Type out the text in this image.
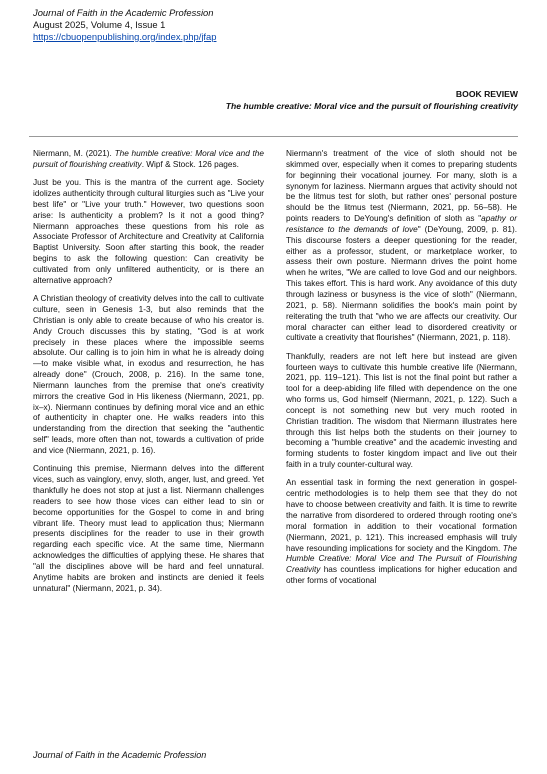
Journal of Faith in the Academic Profession
August 2025, Volume 4, Issue 1
https://cbuopenpublishing.org/index.php/jfap
BOOK REVIEW
The humble creative: Moral vice and the pursuit of flourishing creativity

Niermann, M. (2021). The humble creative: Moral vice and the pursuit of flourishing creativity. Wipf & Stock. 126 pages.

Just be you. This is the mantra of the current age. Society idolizes authenticity through cultural liturgies such as "Live your best life" or "Live your truth." However, two questions soon arise: Is authenticity a problem? Is it not a good thing? Niermann approaches these questions from his role as Associate Professor of Architecture and Creativity at California Baptist University. Soon after starting this book, the reader begins to ask the following question: Can creativity be cultivated from only unfiltered authenticity, or is there an alternative approach?

A Christian theology of creativity delves into the call to cultivate culture, seen in Genesis 1-3, but also reminds that the Christian is only able to create because of who his creator is. Andy Crouch discusses this by stating, "God is at work precisely in these places where the impossible seems absolute. Our calling is to join him in what he is already doing—to make visible what, in exodus and resurrection, he has already done" (Crouch, 2008, p. 216). In the same tone, Niermann launches from the premise that one's creativity mirrors the creative God in His likeness (Niermann, 2021, pp. ix–x). Niermann continues by defining moral vice and an ethic of authenticity in chapter one. He walks readers into this understanding from the direction that seeking the "authentic self" leads, more often than not, towards a cultivation of pride and vice (Niermann, 2021, p. 16).

Continuing this premise, Niermann delves into the different vices, such as vainglory, envy, sloth, anger, lust, and greed. Yet thankfully he does not stop at just a list. Niermann challenges readers to see how those vices can either lead to sin or become opportunities for the Gospel to come in and bring vibrant life. Theory must lead to application thus; Niermann presents disciplines for the reader to use in their growth regarding each specific vice. At the same time, Niermann acknowledges the difficulties of applying these. He shares that "all the disciplines above will be hard and feel unnatural. Anytime habits are broken and instincts are denied it feels unnatural" (Niermann, 2021, p. 34).

Niermann's treatment of the vice of sloth should not be skimmed over, especially when it comes to preparing students for beginning their vocational journey. For many, sloth is a synonym for laziness. Niermann argues that activity should not be the litmus test for sloth, but rather ones' personal posture should be the litmus test (Niermann, 2021, pp. 56–58). He points readers to DeYoung's definition of sloth as "apathy or resistance to the demands of love" (DeYoung, 2009, p. 81). This discourse fosters a deeper questioning for the reader, either as a professor, student, or marketplace worker, to assess their own posture. Niermann drives the point home when he writes, "We are called to love God and our neighbors. This takes effort. This is hard work. Any avoidance of this duty through laziness or busyness is the vice of sloth" (Niermann, 2021, p. 58). Niermann solidifies the book's main point by reiterating the truth that "who we are affects our creativity. Our moral character can either lead to disordered creativity or cultivate a creativity that flourishes" (Niermann, 2021, p. 118).

Thankfully, readers are not left here but instead are given fourteen ways to cultivate this humble creative life (Niermann, 2021, pp. 119–121). This list is not the final point but rather a tool for a deep-abiding life filled with dependence on the one who forms us, God himself (Niermann, 2021, p. 122). Such a concept is not something new but very much rooted in Christian tradition. The wisdom that Niermann illustrates here through this list helps both the students on their journey to becoming a "humble creative" and the academic investing and forming students to foster kingdom impact and live out their faith in a truly counter-cultural way.

An essential task in forming the next generation in gospel-centric methodologies is to help them see that they do not have to choose between creativity and faith. It is time to rewrite the narrative from disordered to ordered through rooting one's moral formation in addition to their vocational formation (Niermann, 2021, p. 121). This increased emphasis will truly have resounding implications for society and the Kingdom. The Humble Creative: Moral Vice and The Pursuit of Flourishing Creativity has countless implications for higher education and other forms of vocational

Journal of Faith in the Academic Profession
